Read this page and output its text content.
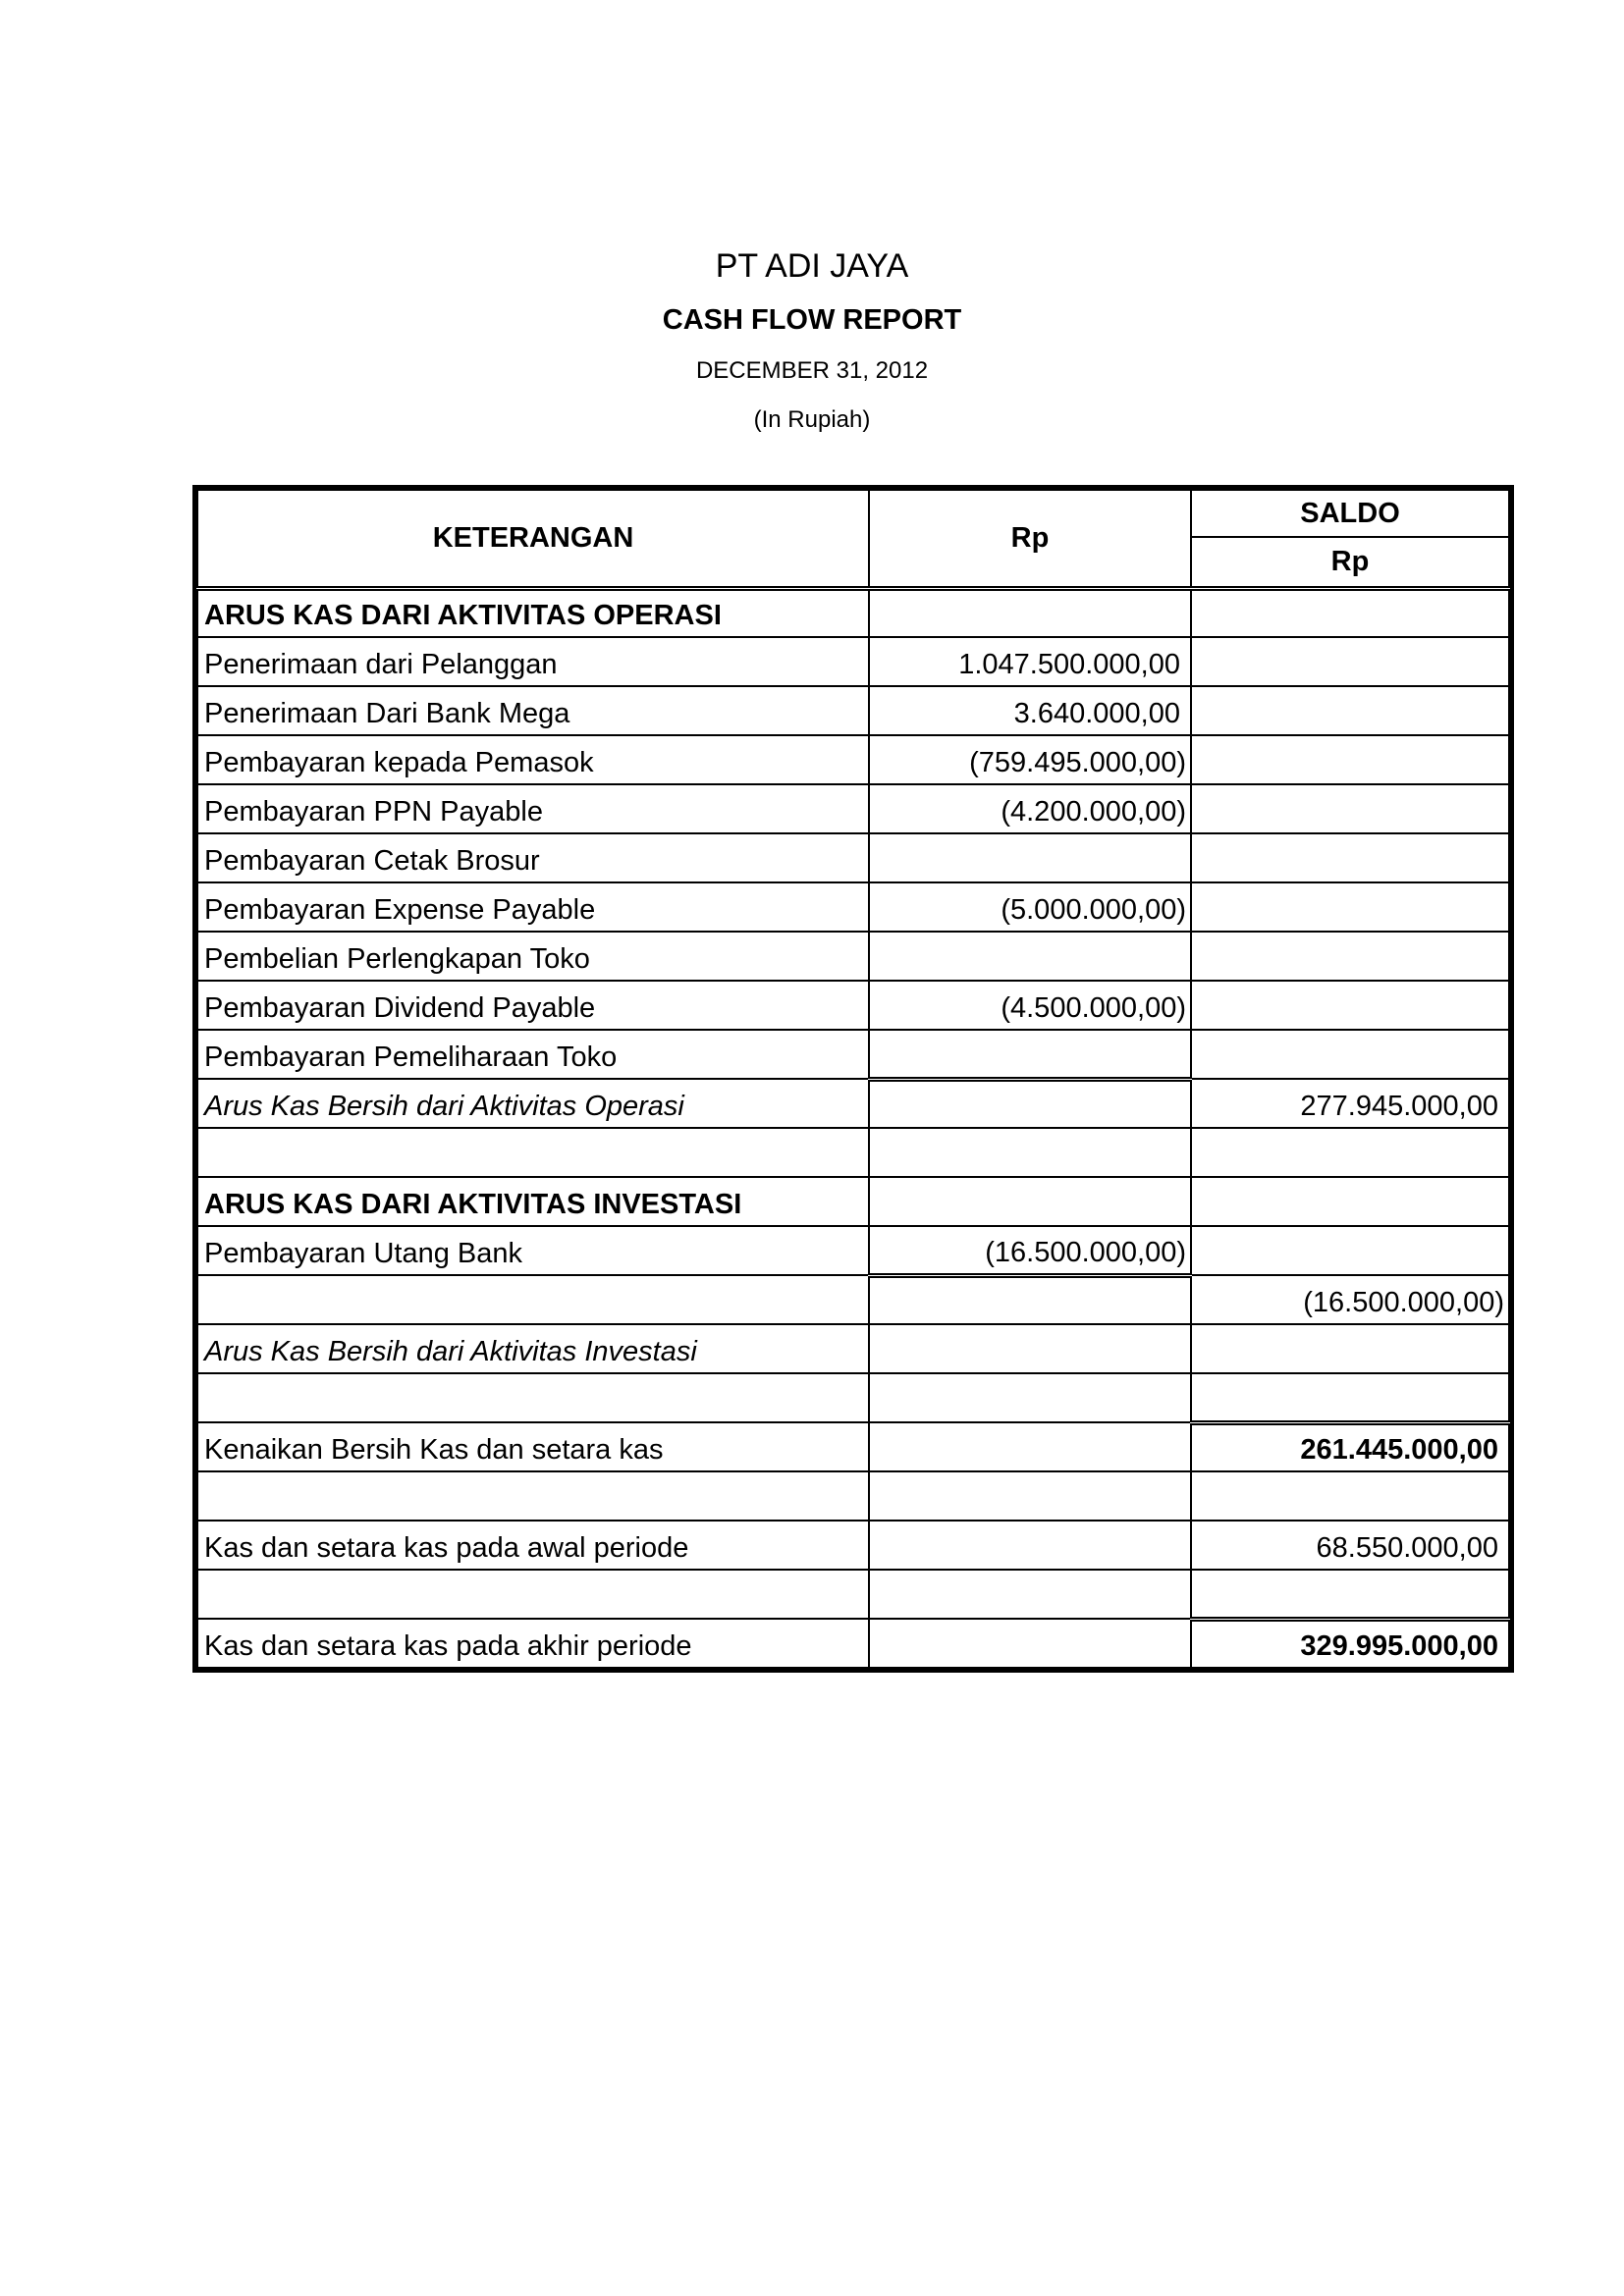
PT ADI JAYA
CASH FLOW REPORT
DECEMBER 31, 2012
(In Rupiah)
KETERANGAN	Rp	SALDO
		Rp
ARUS KAS DARI AKTIVITAS OPERASI		
Penerimaan dari Pelanggan	1.047.500.000,00	
Penerimaan Dari Bank Mega	3.640.000,00	
Pembayaran kepada Pemasok	(759.495.000,00)	
Pembayaran PPN Payable	(4.200.000,00)	
Pembayaran Cetak Brosur		
Pembayaran Expense Payable	(5.000.000,00)	
Pembelian Perlengkapan Toko		
Pembayaran Dividend Payable	(4.500.000,00)	
Pembayaran Pemeliharaan Toko		
Arus Kas Bersih dari Aktivitas Operasi		277.945.000,00

ARUS KAS DARI AKTIVITAS INVESTASI		
Pembayaran Utang Bank	(16.500.000,00)	
		(16.500.000,00)
Arus Kas Bersih dari Aktivitas Investasi		

Kenaikan Bersih Kas dan setara kas		261.445.000,00

Kas dan setara kas pada awal periode		68.550.000,00

Kas dan setara kas pada akhir periode		329.995.000,00
